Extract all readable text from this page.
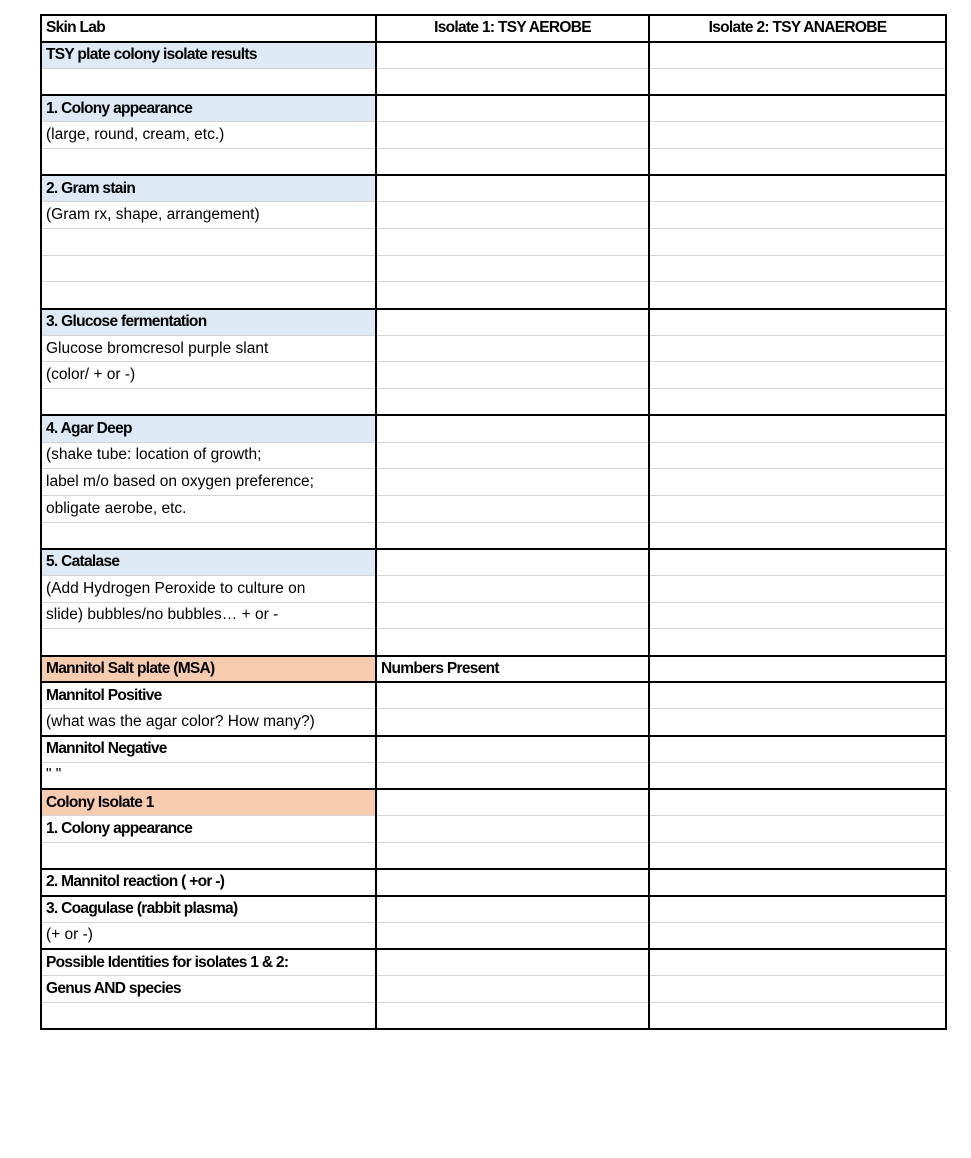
Skin Lab	Isolate 1: TSY AEROBE	Isolate 2: TSY ANAEROBE
TSY plate colony isolate results		

1. Colony appearance		
(large, round, cream, etc.)		

2. Gram stain		
(Gram rx, shape, arrangement)		

3. Glucose fermentation		
Glucose bromcresol purple slant		
(color/ + or -)		

4. Agar Deep		
(shake tube: location of growth;		
label m/o based on oxygen preference;		
obligate aerobe, etc.		

5. Catalase		
(Add Hydrogen Peroxide to culture on		
slide) bubbles/no bubbles… + or -		

Mannitol Salt plate (MSA)	Numbers Present	
Mannitol Positive		
(what was the agar color? How many?)		
Mannitol Negative		
" "		
Colony Isolate 1		
1. Colony appearance		

2. Mannitol reaction ( +or -)		
3. Coagulase (rabbit plasma)		
(+ or -)		
Possible Identities for isolates 1 & 2:		
Genus AND species		
